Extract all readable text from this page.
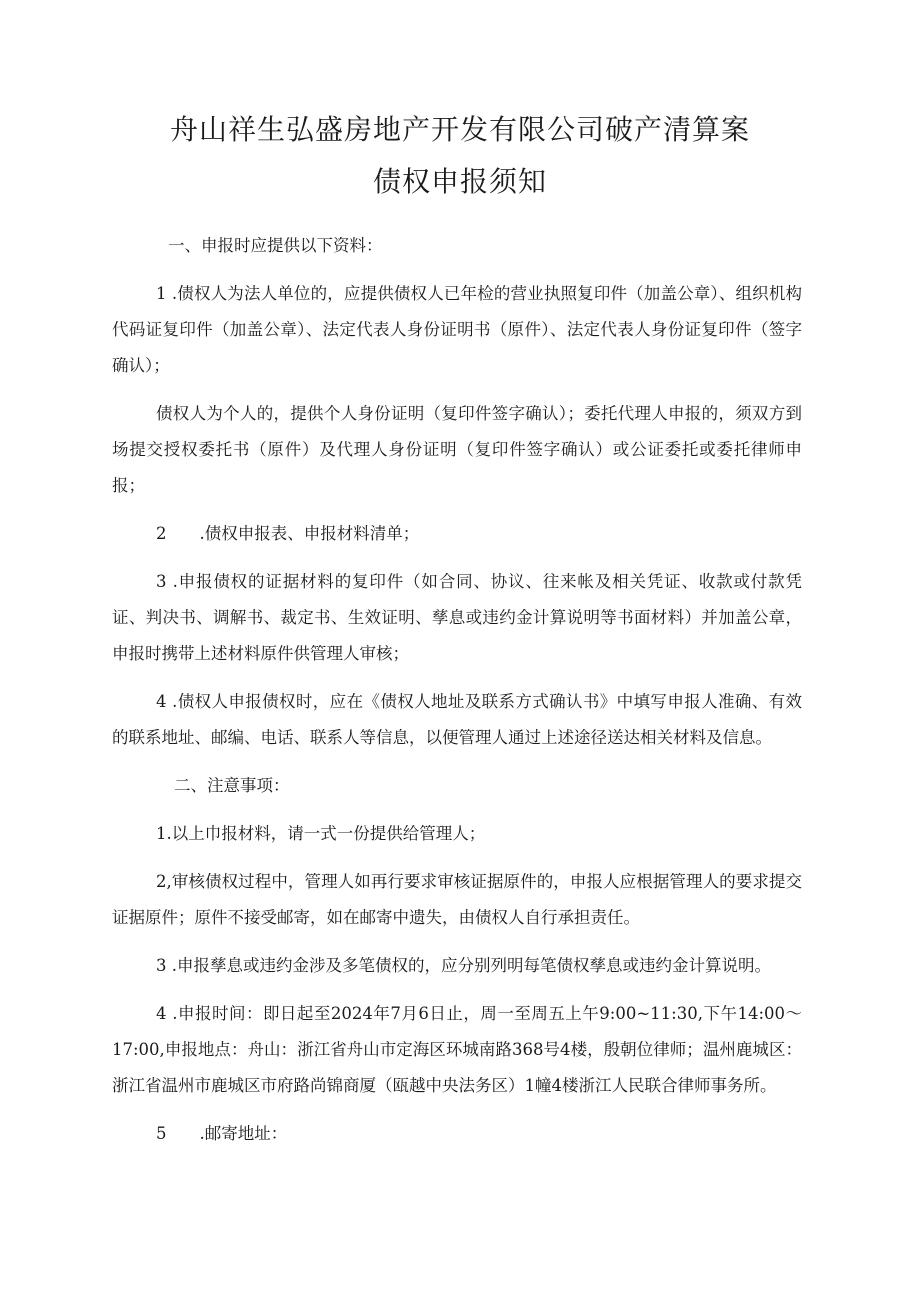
舟山祥生弘盛房地产开发有限公司破产清算案
债权申报须知

一、申报时应提供以下资料：

1 .债权人为法人单位的，应提供债权人已年检的营业执照复印件（加盖公章）、组织机构代码证复印件（加盖公章）、法定代表人身份证明书（原件）、法定代表人身份证复印件（签字确认）；

债权人为个人的，提供个人身份证明（复印件签字确认）；委托代理人申报的，须双方到场提交授权委托书（原件）及代理人身份证明（复印件签字确认）或公证委托或委托律师申报；

2　　.债权申报表、申报材料清单；

3 .申报债权的证据材料的复印件（如合同、协议、往来帐及相关凭证、收款或付款凭证、判决书、调解书、裁定书、生效证明、孳息或违约金计算说明等书面材料）并加盖公章，申报时携带上述材料原件供管理人审核；

4 .债权人申报债权时，应在《债权人地址及联系方式确认书》中填写申报人准确、有效的联系地址、邮编、电话、联系人等信息，以便管理人通过上述途径送达相关材料及信息。

二、注意事项：

1.以上巾报材料，请一式一份提供给管理人；

2,审核债权过程中，管理人如再行要求审核证据原件的，申报人应根据管理人的要求提交证据原件；原件不接受邮寄，如在邮寄中遗失，由债权人自行承担责任。

3 .申报孳息或违约金涉及多笔债权的，应分别列明每笔债权孳息或违约金计算说明。

4 .申报时间：即日起至2024年7月6日止，周一至周五上午9:00~11:30,下午14:00～17:00,申报地点：舟山：浙江省舟山市定海区环城南路368号4楼，殷朝位律师；温州鹿城区：浙江省温州市鹿城区市府路尚锦商厦（瓯越中央法务区）1幢4楼浙江人民联合律师事务所。

5　　.邮寄地址：
